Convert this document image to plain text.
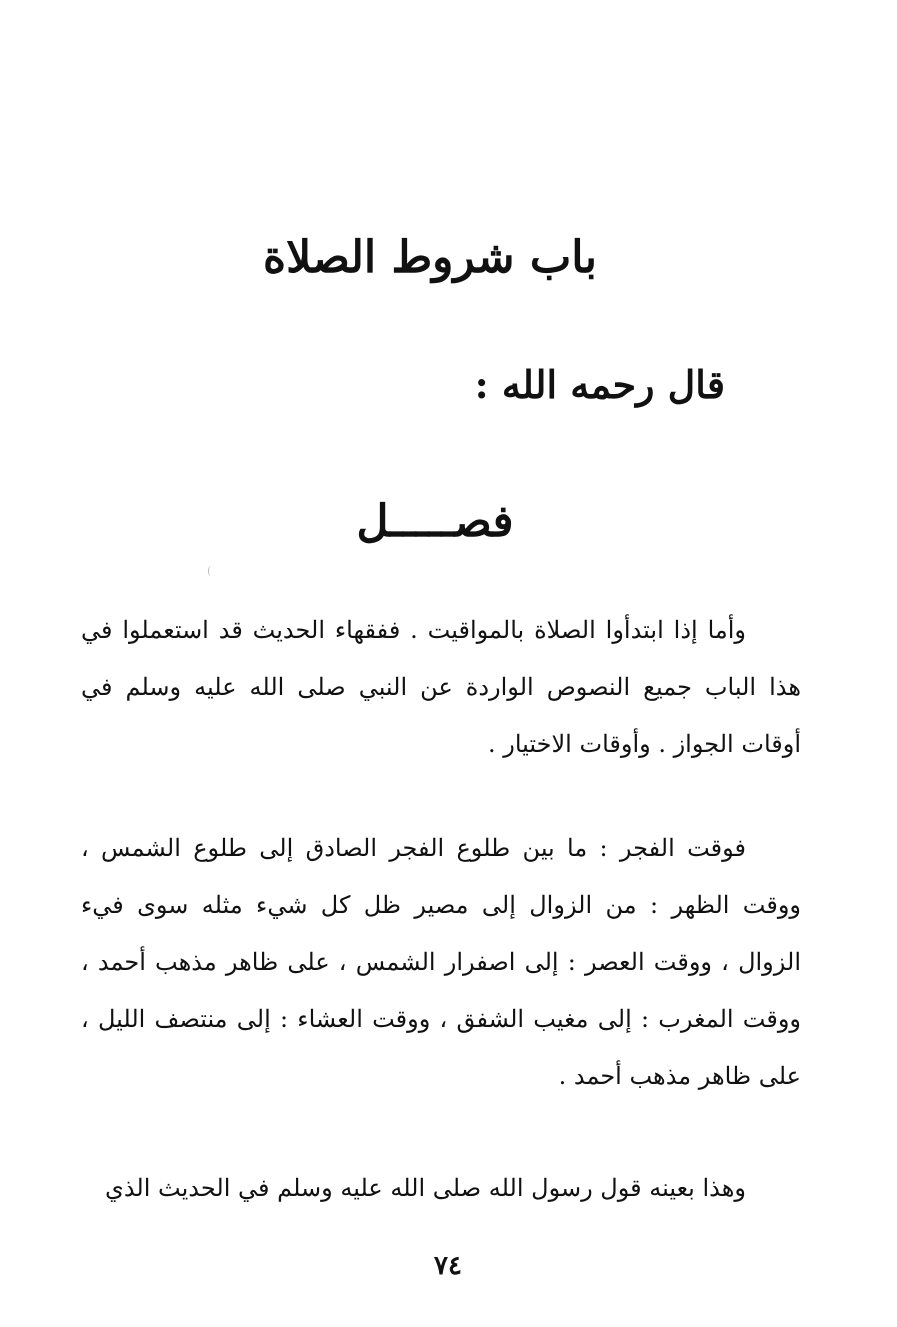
باب شروط الصلاة
قال رحمه الله :
فصـــــل

وأما إذا ابتدأوا الصلاة بالمواقيت . ففقهاء الحديث قد استعملوا في هذا الباب جميع النصوص الواردة عن النبي صلى الله عليه وسلم في أوقات الجواز . وأوقات الاختيار .

فوقت الفجر : ما بين طلوع الفجر الصادق إلى طلوع الشمس ، ووقت الظهر : من الزوال إلى مصير ظل كل شيء مثله سوى فيء الزوال ، ووقت العصر : إلى اصفرار الشمس ، على ظاهر مذهب أحمد ، ووقت المغرب : إلى مغيب الشفق ، ووقت العشاء : إلى منتصف الليل ، على ظاهر مذهب أحمد .

وهذا بعينه قول رسول الله صلى الله عليه وسلم في الحديث الذي

٧٤
